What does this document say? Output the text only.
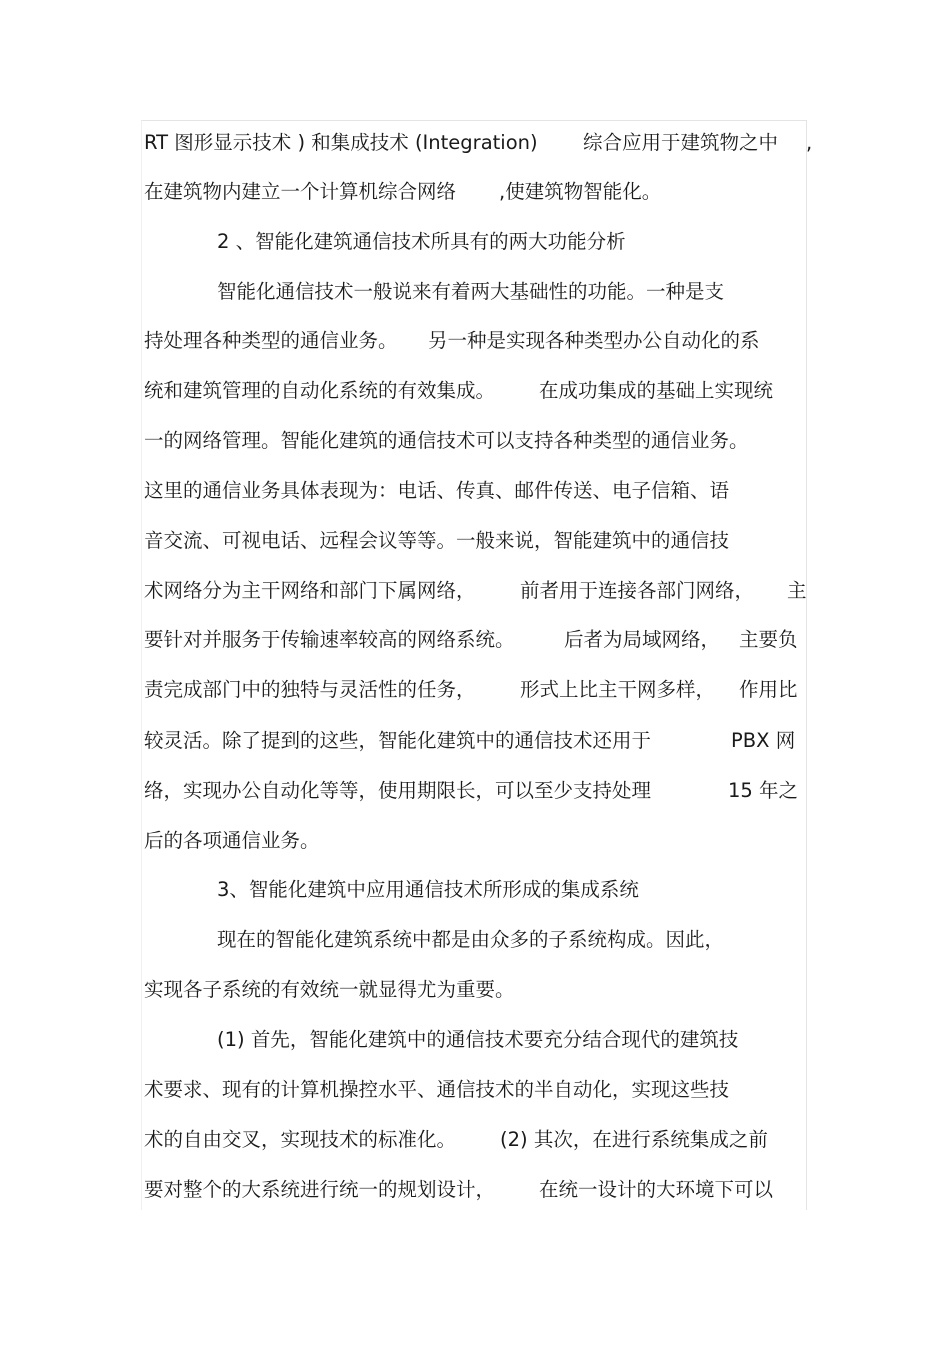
RT 图形显示技术 ) 和集成技术 (Integration) 综合应用于建筑物之中 ,
在建筑物内建立一个计算机综合网络 ,使建筑物智能化。
2 、智能化建筑通信技术所具有的两大功能分析
智能化通信技术一般说来有着两大基础性的功能。一种是支
持处理各种类型的通信业务。 另一种是实现各种类型办公自动化的系
统和建筑管理的自动化系统的有效集成。 在成功集成的基础上实现统
一的网络管理。智能化建筑的通信技术可以支持各种类型的通信业务。
这里的通信业务具体表现为：电话、传真、邮件传送、电子信箱、语
音交流、可视电话、远程会议等等。一般来说，智能建筑中的通信技
术网络分为主干网络和部门下属网络， 前者用于连接各部门网络， 主
要针对并服务于传输速率较高的网络系统。	后者为局域网络， 主要负
责完成部门中的独特与灵活性的任务， 形式上比主干网多样， 作用比
较灵活。除了提到的这些，智能化建筑中的通信技术还用于	PBX 网
络，实现办公自动化等等，使用期限长，可以至少支持处理	15 年之
后的各项通信业务。
3、智能化建筑中应用通信技术所形成的集成系统
现在的智能化建筑系统中都是由众多的子系统构成。因此，
实现各子系统的有效统一就显得尤为重要。
(1) 首先，智能化建筑中的通信技术要充分结合现代的建筑技
术要求、现有的计算机操控水平、通信技术的半自动化，实现这些技
术的自由交叉，实现技术的标准化。 (2) 其次，在进行系统集成之前
要对整个的大系统进行统一的规划设计， 在统一设计的大环境下可以
